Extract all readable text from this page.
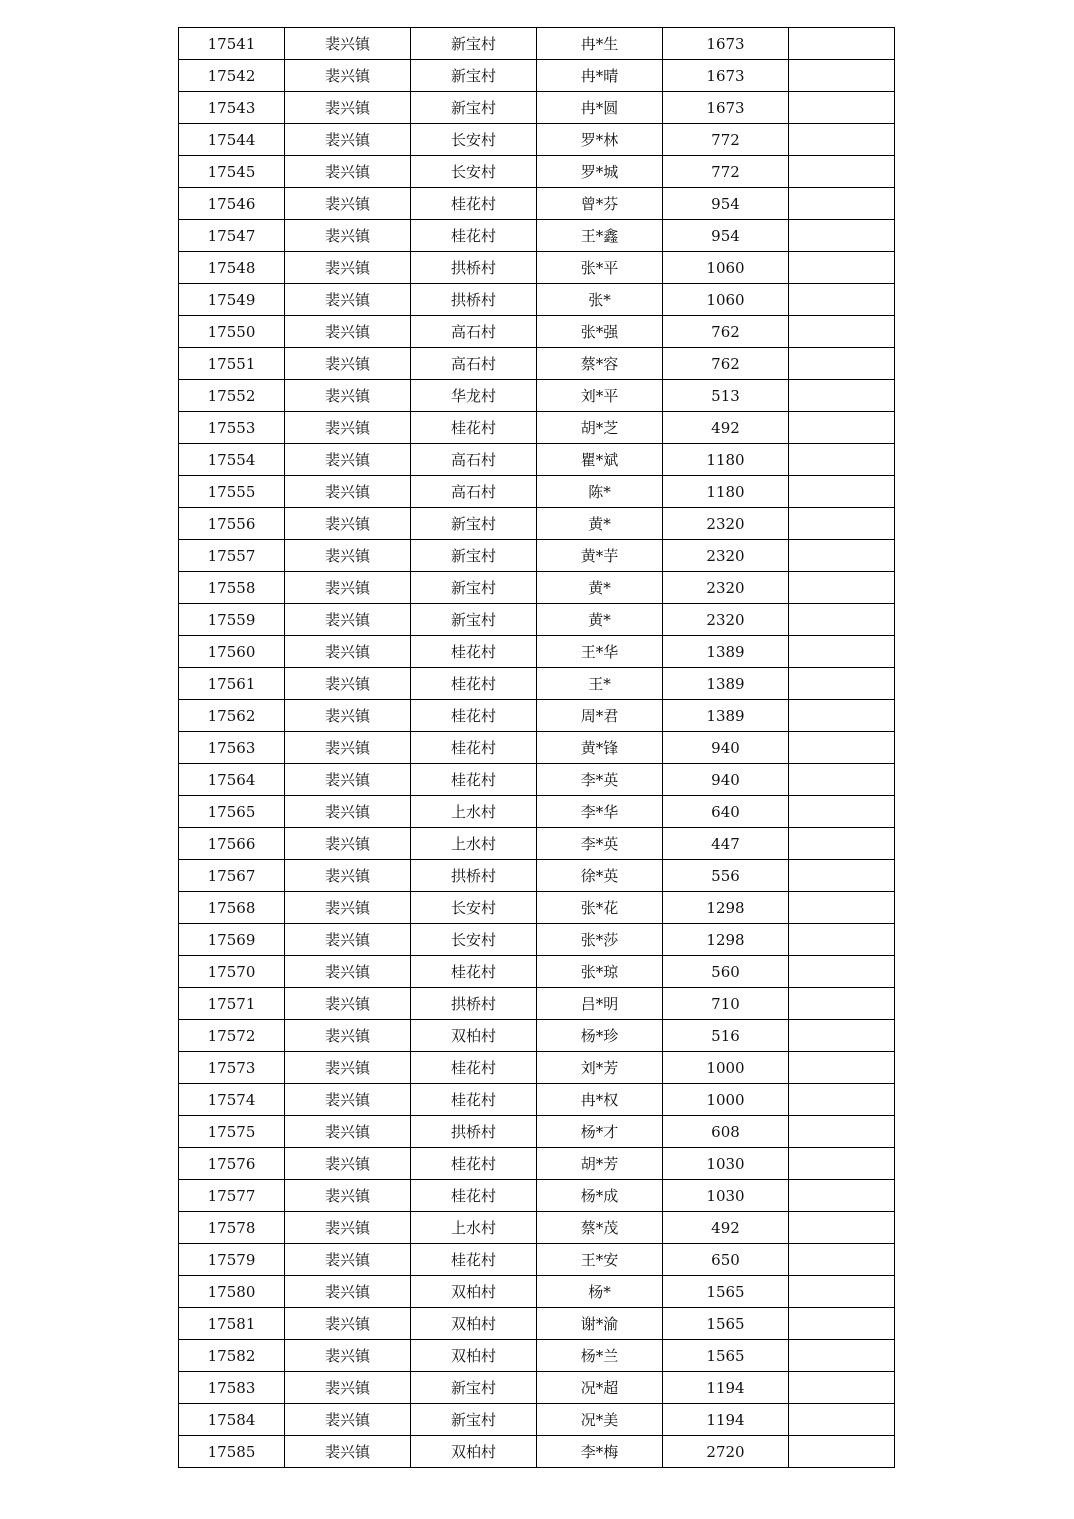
17541	裴兴镇	新宝村	冉*生	1673	
17542	裴兴镇	新宝村	冉*晴	1673	
17543	裴兴镇	新宝村	冉*圆	1673	
17544	裴兴镇	长安村	罗*林	772	
17545	裴兴镇	长安村	罗*城	772	
17546	裴兴镇	桂花村	曾*芬	954	
17547	裴兴镇	桂花村	王*鑫	954	
17548	裴兴镇	拱桥村	张*平	1060	
17549	裴兴镇	拱桥村	张*	1060	
17550	裴兴镇	高石村	张*强	762	
17551	裴兴镇	高石村	蔡*容	762	
17552	裴兴镇	华龙村	刘*平	513	
17553	裴兴镇	桂花村	胡*芝	492	
17554	裴兴镇	高石村	瞿*斌	1180	
17555	裴兴镇	高石村	陈*	1180	
17556	裴兴镇	新宝村	黄*	2320	
17557	裴兴镇	新宝村	黄*芋	2320	
17558	裴兴镇	新宝村	黄*	2320	
17559	裴兴镇	新宝村	黄*	2320	
17560	裴兴镇	桂花村	王*华	1389	
17561	裴兴镇	桂花村	王*	1389	
17562	裴兴镇	桂花村	周*君	1389	
17563	裴兴镇	桂花村	黄*锋	940	
17564	裴兴镇	桂花村	李*英	940	
17565	裴兴镇	上水村	李*华	640	
17566	裴兴镇	上水村	李*英	447	
17567	裴兴镇	拱桥村	徐*英	556	
17568	裴兴镇	长安村	张*花	1298	
17569	裴兴镇	长安村	张*莎	1298	
17570	裴兴镇	桂花村	张*琼	560	
17571	裴兴镇	拱桥村	吕*明	710	
17572	裴兴镇	双柏村	杨*珍	516	
17573	裴兴镇	桂花村	刘*芳	1000	
17574	裴兴镇	桂花村	冉*权	1000	
17575	裴兴镇	拱桥村	杨*才	608	
17576	裴兴镇	桂花村	胡*芳	1030	
17577	裴兴镇	桂花村	杨*成	1030	
17578	裴兴镇	上水村	蔡*茂	492	
17579	裴兴镇	桂花村	王*安	650	
17580	裴兴镇	双柏村	杨*	1565	
17581	裴兴镇	双柏村	谢*渝	1565	
17582	裴兴镇	双柏村	杨*兰	1565	
17583	裴兴镇	新宝村	况*超	1194	
17584	裴兴镇	新宝村	况*美	1194	
17585	裴兴镇	双柏村	李*梅	2720	
